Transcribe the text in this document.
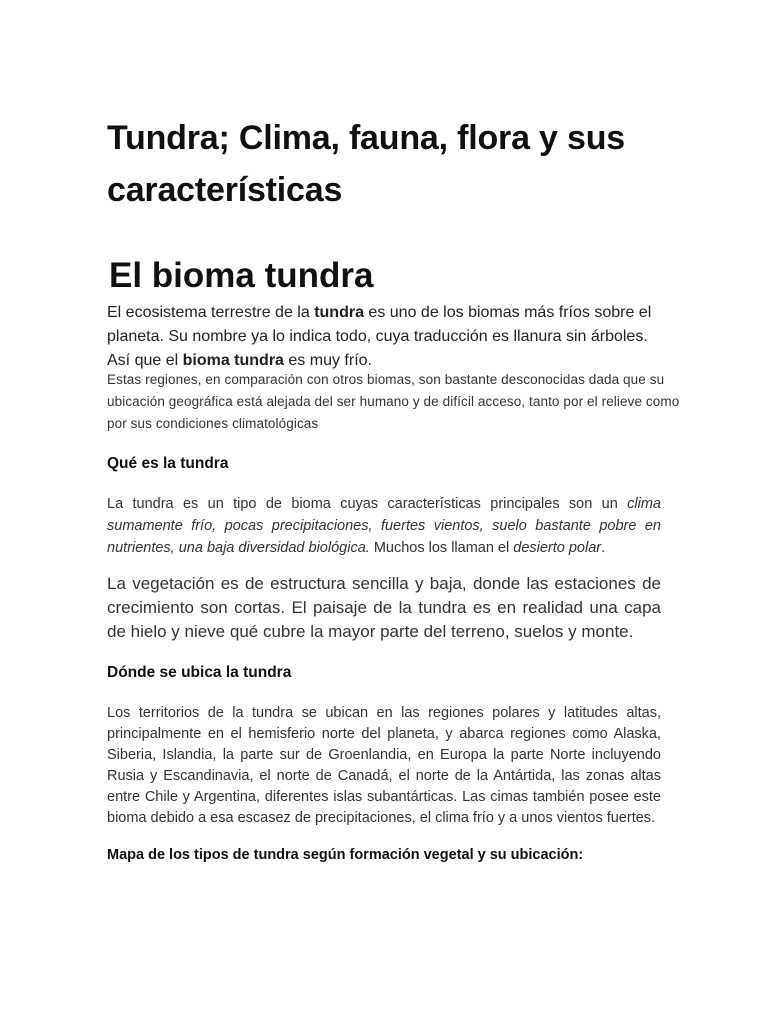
Tundra; Clima, fauna, flora y sus características
El bioma tundra

El ecosistema terrestre de la tundra es uno de los biomas más fríos sobre el planeta. Su nombre ya lo indica todo, cuya traducción es llanura sin árboles. Así que el bioma tundra es muy frío.

Estas regiones, en comparación con otros biomas, son bastante desconocidas dada que su ubicación geográfica está alejada del ser humano y de difícil acceso, tanto por el relieve como por sus condiciones climatológicas

Qué es la tundra

La tundra es un tipo de bioma cuyas características principales son un clima sumamente frío, pocas precipitaciones, fuertes vientos, suelo bastante pobre en nutrientes, una baja diversidad biológica. Muchos los llaman el desierto polar.

La vegetación es de estructura sencilla y baja, donde las estaciones de crecimiento son cortas. El paisaje de la tundra es en realidad una capa de hielo y nieve qué cubre la mayor parte del terreno, suelos y monte.

Dónde se ubica la tundra

Los territorios de la tundra se ubican en las regiones polares y latitudes altas, principalmente en el hemisferio norte del planeta, y abarca regiones como Alaska, Siberia, Islandia, la parte sur de Groenlandia, en Europa la parte Norte incluyendo Rusia y Escandinavia, el norte de Canadá, el norte de la Antártida, las zonas altas entre Chile y Argentina, diferentes islas subantárticas. Las cimas también posee este bioma debido a esa escasez de precipitaciones, el clima frío y a unos vientos fuertes.

Mapa de los tipos de tundra según formación vegetal y su ubicación:
